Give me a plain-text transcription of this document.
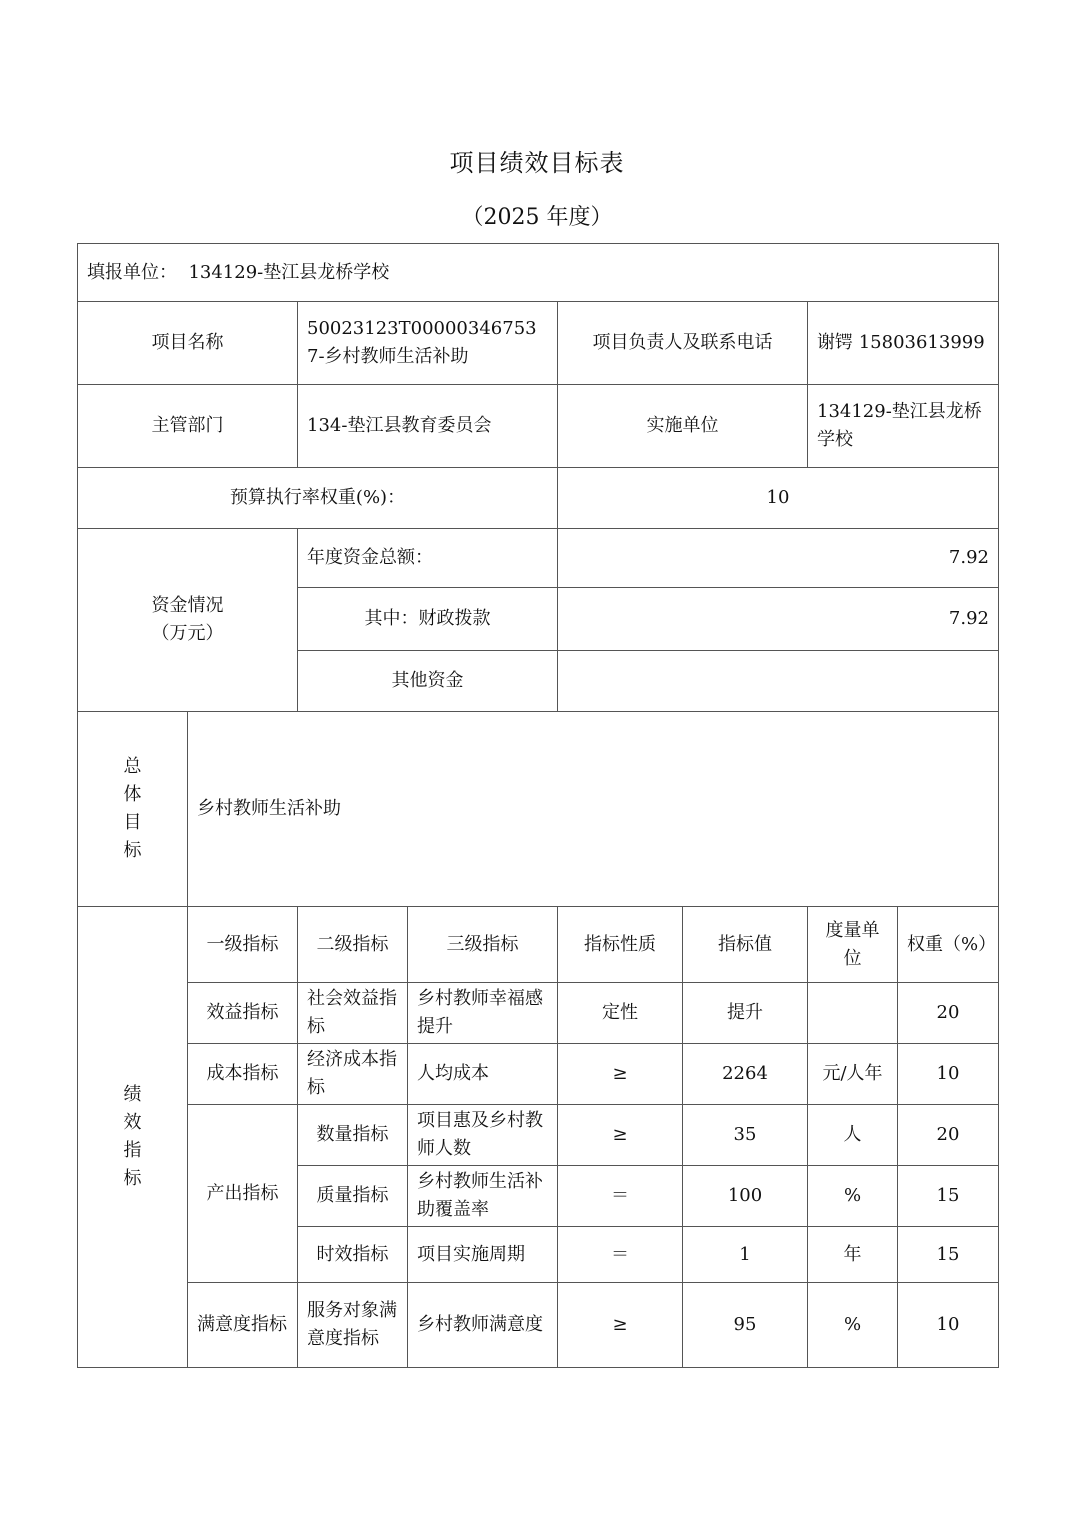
项目绩效目标表
（2025 年度）
填报单位： 134129-垫江县龙桥学校							
项目名称		50023123T000003467537-乡村教师生活补助		项目负责人及联系电话		谢锷 15803613999	
主管部门		134-垫江县教育委员会		实施单位		134129-垫江县龙桥学校	
预算执行率权重(%)：				10			
资金情况
（万元）		年度资金总额：		7.92			
		其中：财政拨款		7.92			
		其他资金					

总
体
目
标	乡村教师生活补助						

绩
效
指
标	一级指标	二级指标	三级指标	指标性质	指标值	度量单位	权重（%）
	效益指标	社会效益指标	乡村教师幸福感提升	定性	提升		20
	成本指标	经济成本指标	人均成本	≥	2264	元/人年	10
	产出指标	数量指标	项目惠及乡村教师人数	≥	35	人	20
		质量指标	乡村教师生活补助覆盖率	＝	100	%	15
		时效指标	项目实施周期	＝	1	年	15
	满意度指标	服务对象满意度指标	乡村教师满意度	≥	95	%	10
